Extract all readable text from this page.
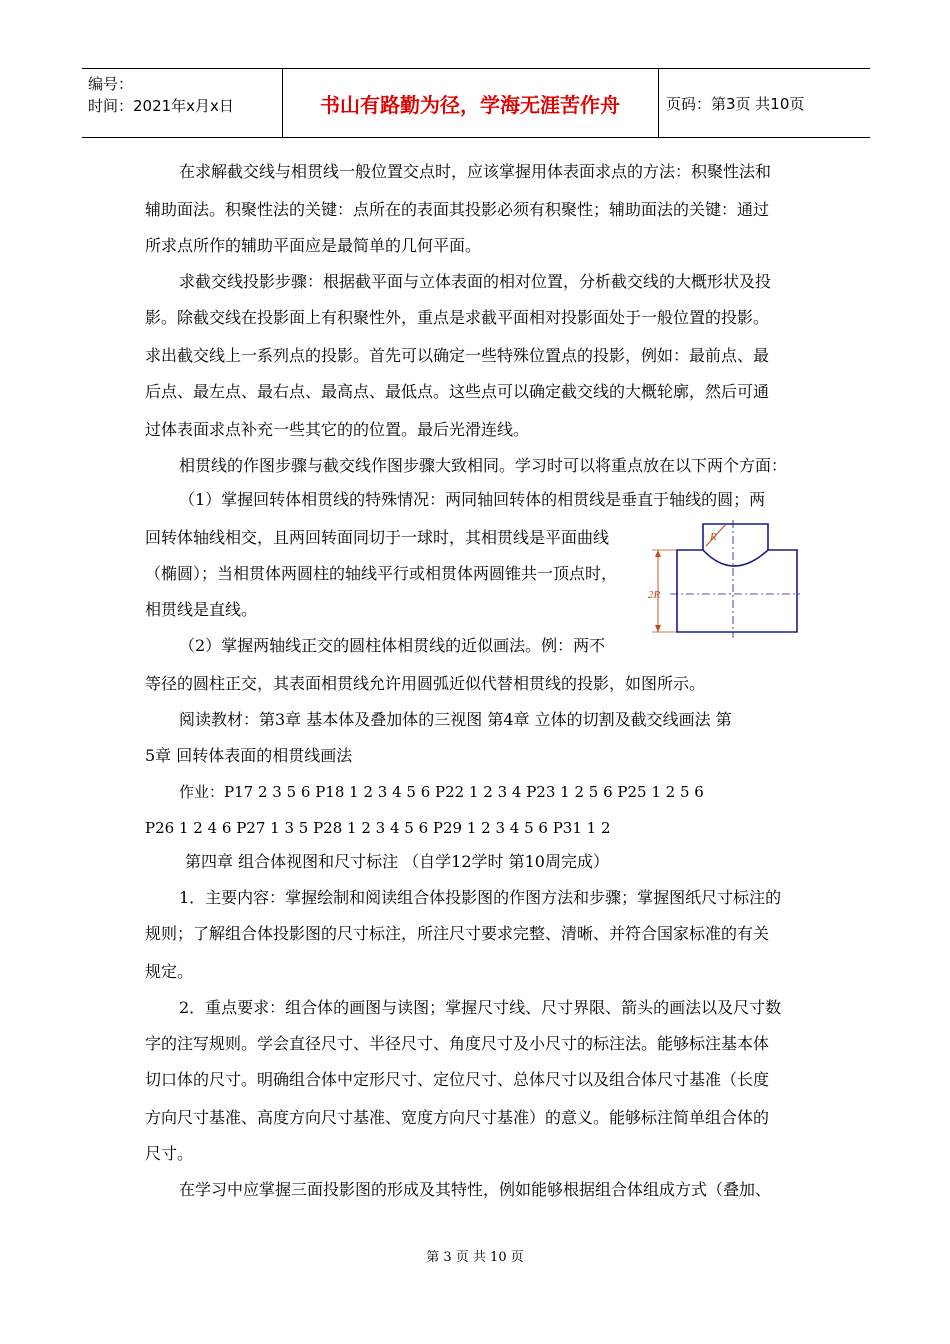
编号：
时间：2021年x月x日	书山有路勤为径，学海无涯苦作舟	页码：第3页 共10页
在求解截交线与相贯线一般位置交点时，应该掌握用体表面求点的方法：积聚性法和
辅助面法。积聚性法的关键：点所在的表面其投影必须有积聚性；辅助面法的关键：通过
所求点所作的辅助平面应是最简单的几何平面。
求截交线投影步骤：根据截平面与立体表面的相对位置，分析截交线的大概形状及投
影。除截交线在投影面上有积聚性外，重点是求截平面相对投影面处于一般位置的投影。
求出截交线上一系列点的投影。首先可以确定一些特殊位置点的投影，例如：最前点、最
后点、最左点、最右点、最高点、最低点。这些点可以确定截交线的大概轮廓，然后可通
过体表面求点补充一些其它的的位置。最后光滑连线。
相贯线的作图步骤与截交线作图步骤大致相同。学习时可以将重点放在以下两个方面：
（1）掌握回转体相贯线的特殊情况：两同轴回转体的相贯线是垂直于轴线的圆；两
回转体轴线相交，且两回转面同切于一球时，其相贯线是平面曲线
（椭圆）；当相贯体两圆柱的轴线平行或相贯体两圆锥共一顶点时，
相贯线是直线。
（2）掌握两轴线正交的圆柱体相贯线的近似画法。例：两不
等径的圆柱正交，其表面相贯线允许用圆弧近似代替相贯线的投影，如图所示。
阅读教材：第3章 基本体及叠加体的三视图 第4章 立体的切割及截交线画法 第
5章 回转体表面的相贯线画法
作业：P17 2 3 5 6 P18 1 2 3 4 5 6 P22 1 2 3 4 P23 1 2 5 6 P25 1 2 5 6
P26 1 2 4 6 P27 1 3 5 P28 1 2 3 4 5 6 P29 1 2 3 4 5 6 P31 1 2
第四章 组合体视图和尺寸标注 （自学12学时 第10周完成）
1．主要内容：掌握绘制和阅读组合体投影图的作图方法和步骤；掌握图纸尺寸标注的
规则；了解组合体投影图的尺寸标注，所注尺寸要求完整、清晰、并符合国家标准的有关
规定。
2．重点要求：组合体的画图与读图；掌握尺寸线、尺寸界限、箭头的画法以及尺寸数
字的注写规则。学会直径尺寸、半径尺寸、角度尺寸及小尺寸的标注法。能够标注基本体
切口体的尺寸。明确组合体中定形尺寸、定位尺寸、总体尺寸以及组合体尺寸基准（长度
方向尺寸基准、高度方向尺寸基准、宽度方向尺寸基准）的意义。能够标注简单组合体的
尺寸。
在学习中应掌握三面投影图的形成及其特性，例如能够根据组合体组成方式（叠加、
R
2R
第 3 页 共 10 页
